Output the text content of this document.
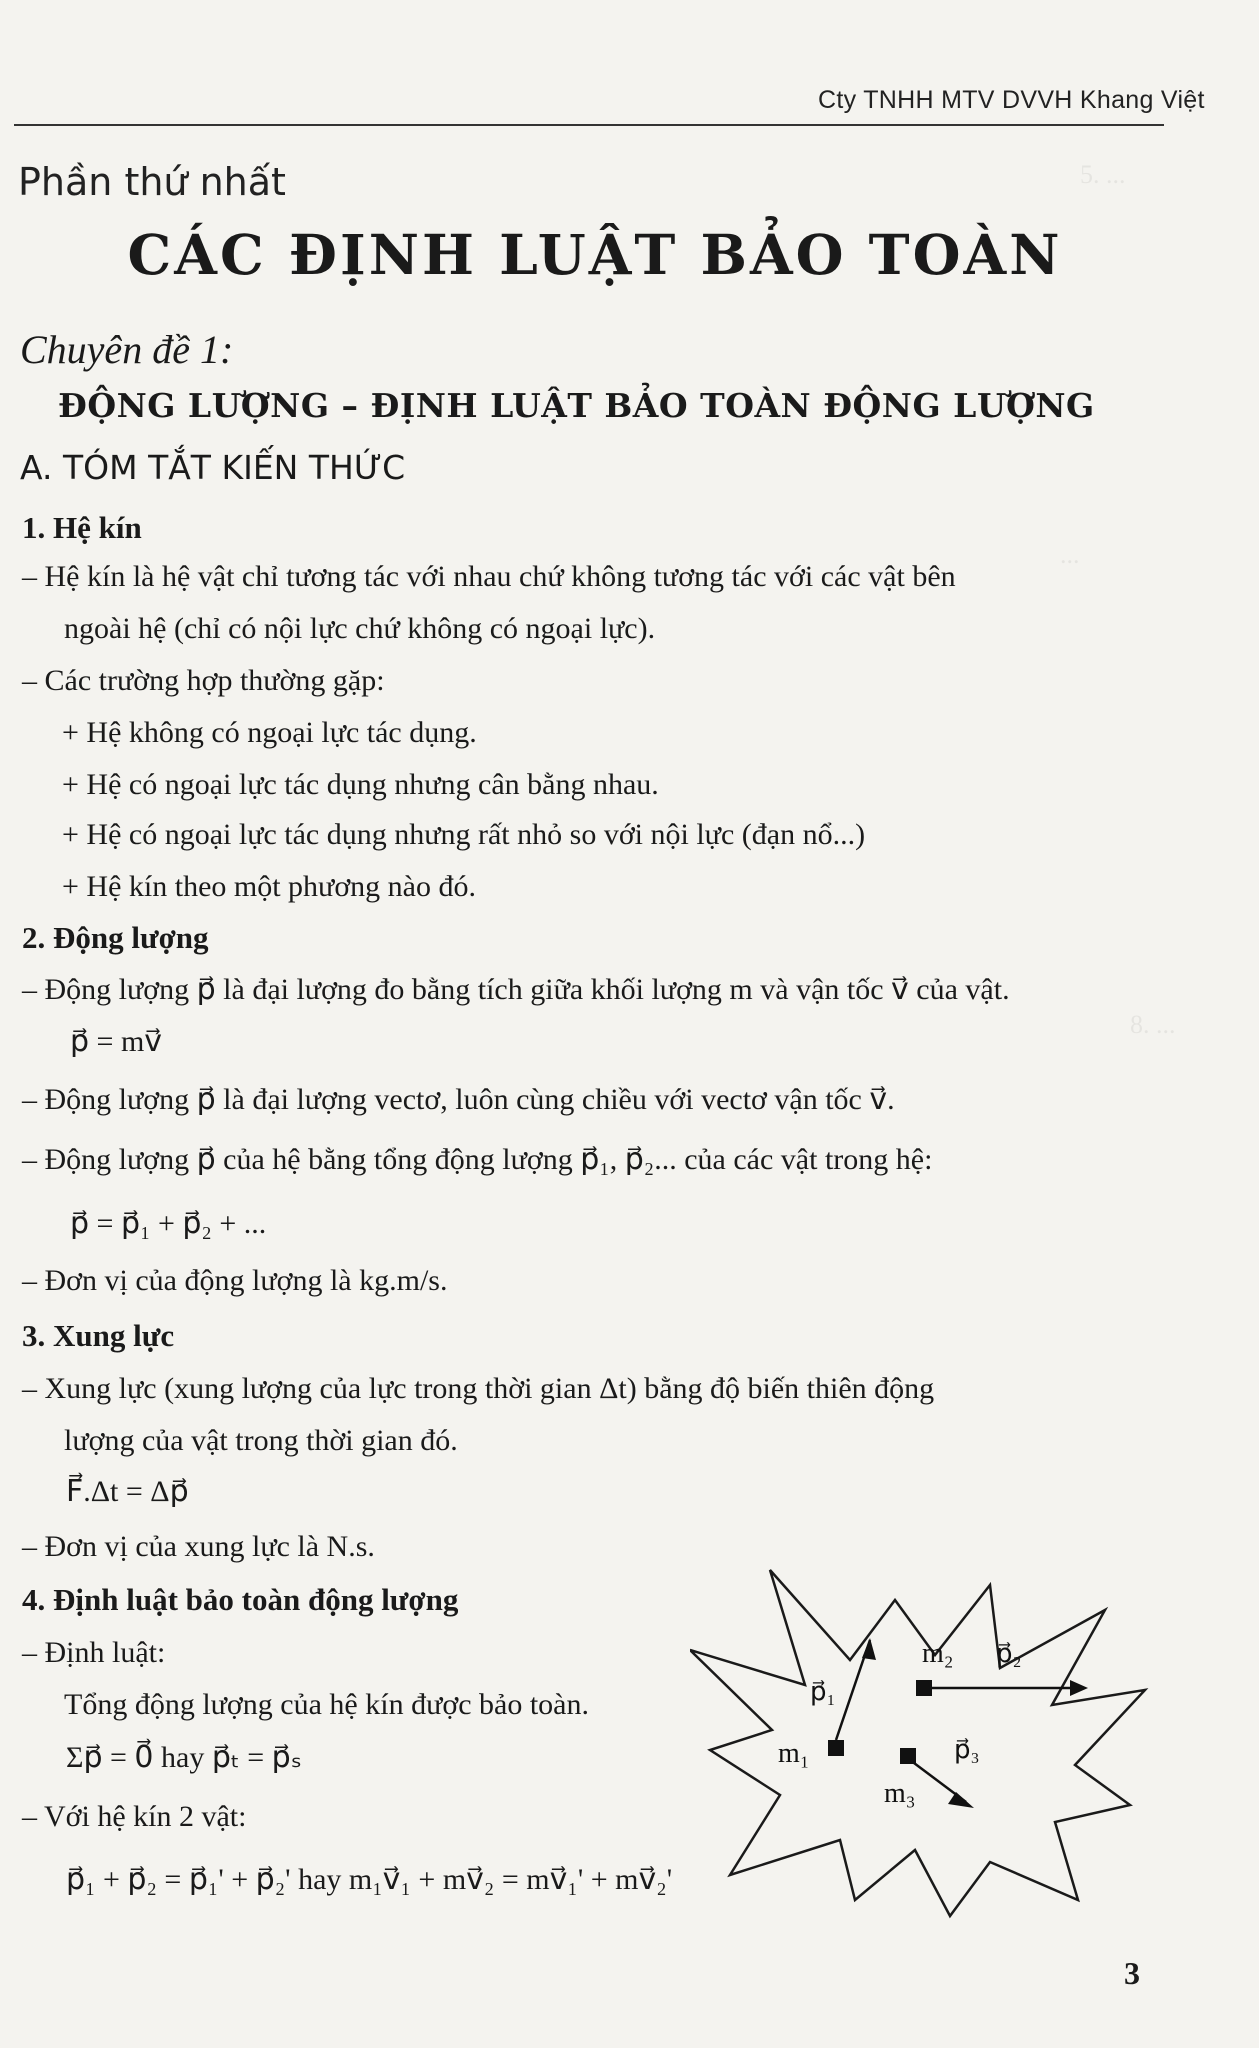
5. ...
...
8. ...
Cty TNHH MTV DVVH Khang Việt
Phần thứ nhất
CÁC ĐỊNH LUẬT BẢO TOÀN
Chuyên đề 1:
ĐỘNG LƯỢNG – ĐỊNH LUẬT BẢO TOÀN ĐỘNG LƯỢNG
A. TÓM TẮT KIẾN THỨC
1. Hệ kín
– Hệ kín là hệ vật chỉ tương tác với nhau chứ không tương tác với các vật bên
ngoài hệ (chỉ có nội lực chứ không có ngoại lực).
– Các trường hợp thường gặp:
+ Hệ không có ngoại lực tác dụng.
+ Hệ có ngoại lực tác dụng nhưng cân bằng nhau.
+ Hệ có ngoại lực tác dụng nhưng rất nhỏ so với nội lực (đạn nổ...)
+ Hệ kín theo một phương nào đó.
2. Động lượng
– Động lượng p⃗ là đại lượng đo bằng tích giữa khối lượng m và vận tốc v⃗ của vật.
p⃗ = mv⃗
– Động lượng p⃗ là đại lượng vectơ, luôn cùng chiều với vectơ vận tốc v⃗.
– Động lượng p⃗ của hệ bằng tổng động lượng p⃗₁, p⃗₂... của các vật trong hệ:
p⃗ = p⃗₁ + p⃗₂ + ...
– Đơn vị của động lượng là kg.m/s.
3. Xung lực
– Xung lực (xung lượng của lực trong thời gian Δt) bằng độ biến thiên động
lượng của vật trong thời gian đó.
F⃗.Δt = Δp⃗
– Đơn vị của xung lực là N.s.
4. Định luật bảo toàn động lượng
– Định luật:
Tổng động lượng của hệ kín được bảo toàn.
Σp⃗ = 0⃗ hay p⃗ₜ = p⃗ₛ
– Với hệ kín 2 vật:
p⃗₁ + p⃗₂ = p⃗₁' + p⃗₂' hay m₁v⃗₁ + mv⃗₂ = mv⃗₁' + mv⃗₂'
p⃗₁
m₁
m₂ p⃗₂
m₃
p⃗₃
3
